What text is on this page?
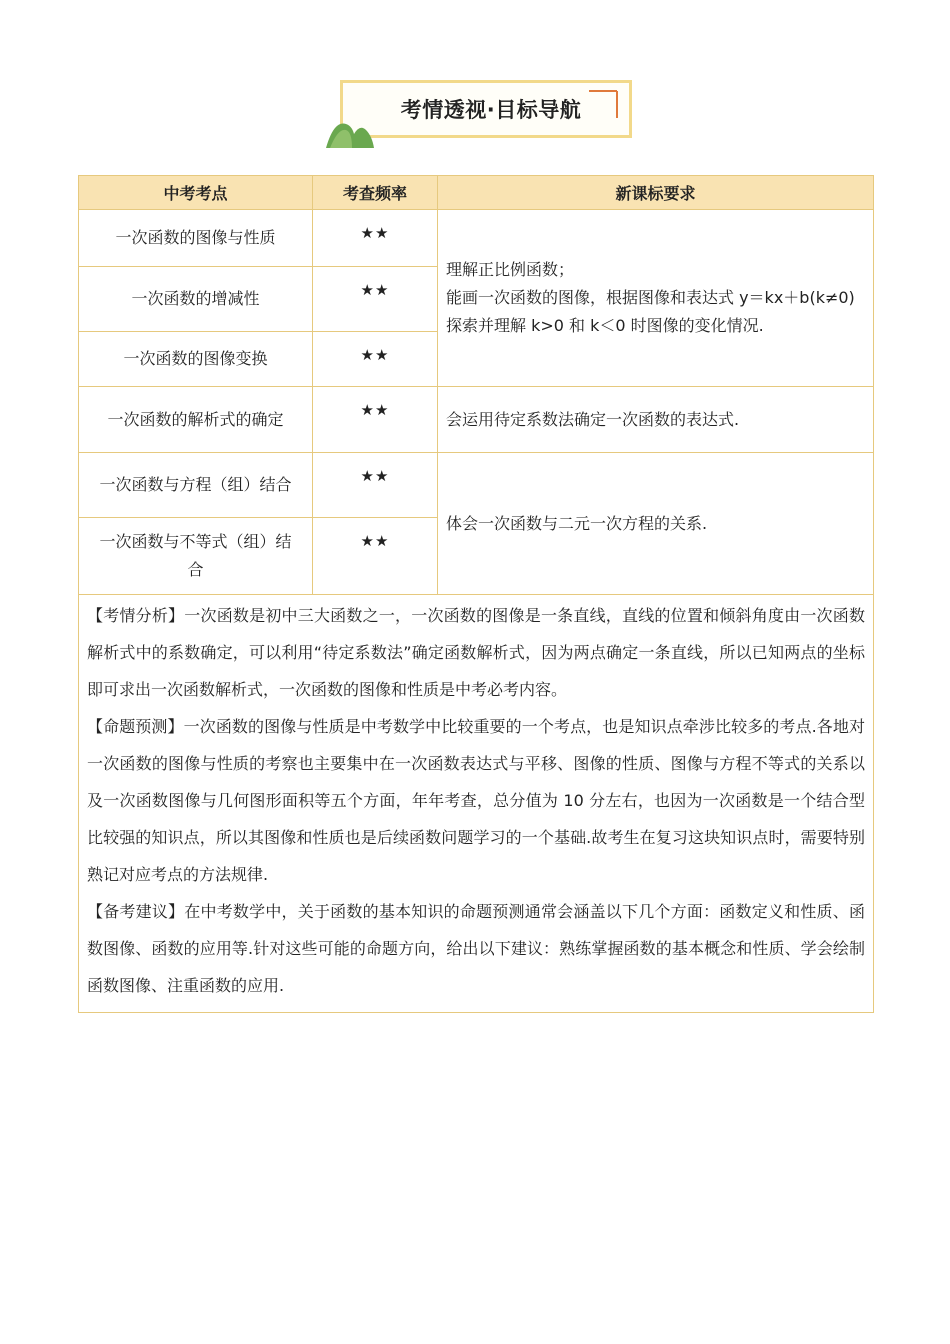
考情透视·目标导航
中考考点	考查频率	新课标要求
一次函数的图像与性质	★★	理解正比例函数；
能画一次函数的图像，根据图像和表达式 y＝kx＋b(k≠0)
探索并理解 k>0 和 k＜0 时图像的变化情况.

一次函数的增减性	★★	
一次函数的图像变换	★★	
一次函数的解析式的确定	★★	会运用待定系数法确定一次函数的表达式.
一次函数与方程（组）结合	★★	体会一次函数与二元一次方程的关系.
一次函数与不等式（组）结合	★★	

【考情分析】一次函数是初中三大函数之一，一次函数的图像是一条直线，直线的位置和倾斜角度由一次函数解析式中的系数确定，可以利用“待定系数法”确定函数解析式，因为两点确定一条直线，所以已知两点的坐标即可求出一次函数解析式，一次函数的图像和性质是中考必考内容。
【命题预测】一次函数的图像与性质是中考数学中比较重要的一个考点，也是知识点牵涉比较多的考点.各地对一次函数的图像与性质的考察也主要集中在一次函数表达式与平移、图像的性质、图像与方程不等式的关系以及一次函数图像与几何图形面积等五个方面，年年考查，总分值为 10 分左右，也因为一次函数是一个结合型比较强的知识点，所以其图像和性质也是后续函数问题学习的一个基础.故考生在复习这块知识点时，需要特别熟记对应考点的方法规律.
【备考建议】在中考数学中，关于函数的基本知识的命题预测通常会涵盖以下几个方面：函数定义和性质、函数图像、函数的应用等.针对这些可能的命题方向，给出以下建议：熟练掌握函数的基本概念和性质、学会绘制函数图像、注重函数的应用.		
